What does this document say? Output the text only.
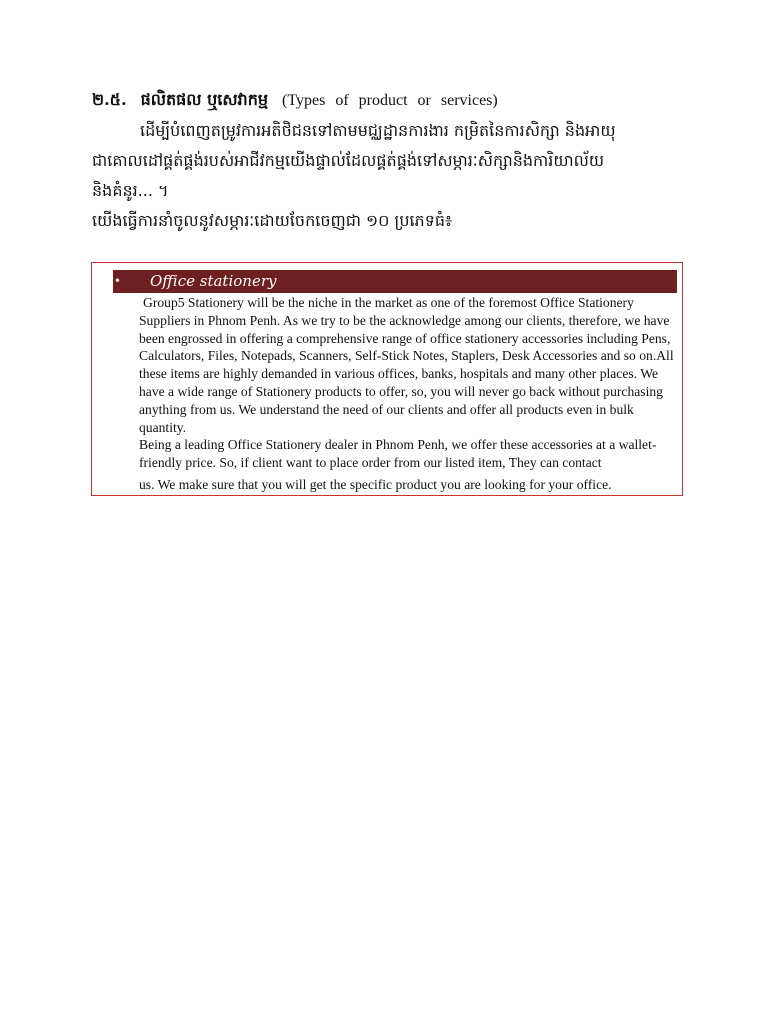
២.៥. ផលិតផល ឬសេវាកម្ម (Types of product or services)
ដើម្បីបំពេញតម្រូវការអតិថិជនទៅតាមមជ្ឈដ្ឋានការងារ កម្រិតនៃការសិក្សា និងអាយុ
ជាគោលដៅផ្គត់ផ្គង់របស់អាជីវកម្មយើងផ្ទាល់ដែលផ្គត់ផ្គង់ទៅសម្ភារៈសិក្សានិងការិយាល័យ
និងគំនូរ... ។
យើងធ្វើការនាំចូលនូវសម្ភារៈដោយចែកចេញជា ១០ ប្រភេទធំ៖
• Office stationery

Group5 Stationery will be the niche in the market as one of the foremost Office Stationery Suppliers in Phnom Penh. As we try to be the acknowledge among our clients, therefore, we have been engrossed in offering a comprehensive range of office stationery accessories including Pens, Calculators, Files, Notepads, Scanners, Self-Stick Notes, Staplers, Desk Accessories and so on.All these items are highly demanded in various offices, banks, hospitals and many other places. We have a wide range of Stationery products to offer, so, you will never go back without purchasing anything from us. We understand the need of our clients and offer all products even in bulk quantity.

Being a leading Office Stationery dealer in Phnom Penh, we offer these accessories at a wallet-friendly price. So, if client want to place order from our listed item, They can contact

us. We make sure that you will get the specific product you are looking for your office.
